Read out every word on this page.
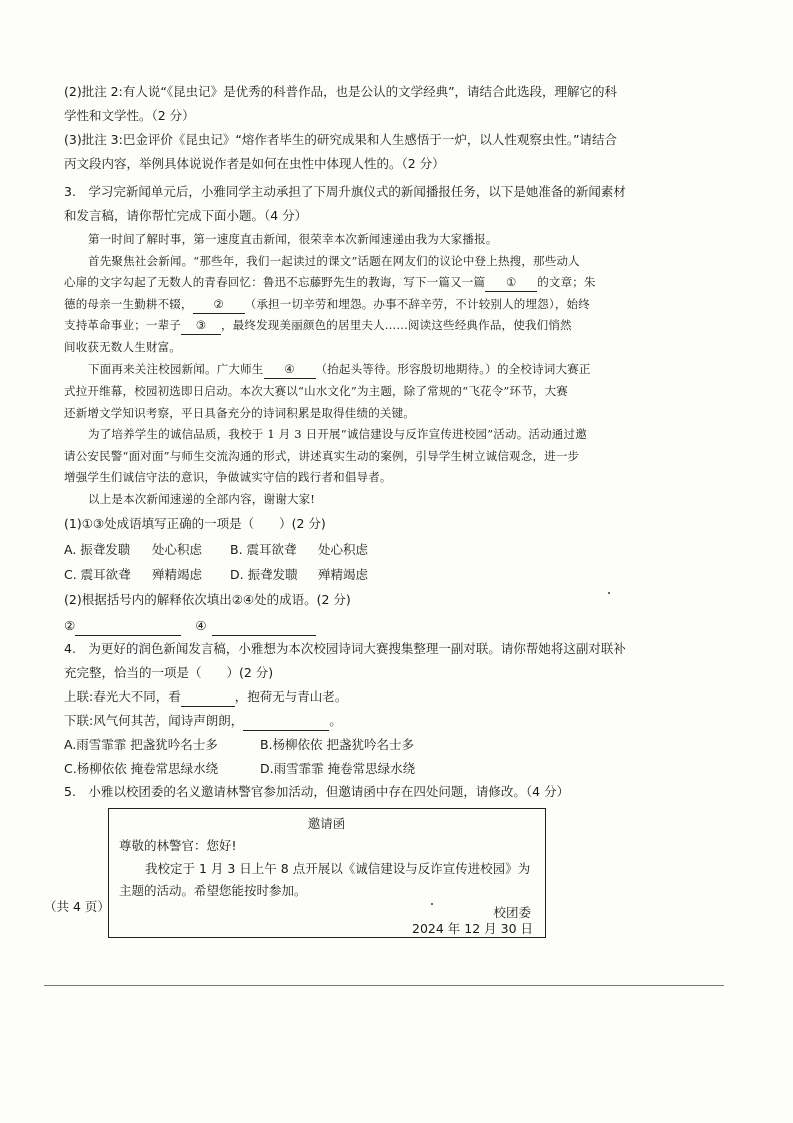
(2)批注 2:有人说“《昆虫记》是优秀的科普作品，也是公认的文学经典”，请结合此选段，理解它的科
学性和文学性。（2 分）
(3)批注 3:巴金评价《昆虫记》“熔作者毕生的研究成果和人生感悟于一炉，以人性观察虫性。”请结合
丙文段内容，举例具体说说作者是如何在虫性中体现人性的。（2 分）
3.　学习完新闻单元后，小雅同学主动承担了下周升旗仪式的新闻播报任务，以下是她准备的新闻素材
和发言稿，请你帮忙完成下面小题。（4 分）
第一时间了解时事，第一速度直击新闻，很荣幸本次新闻速递由我为大家播报。
首先聚焦社会新闻。“那些年，我们一起读过的课文”话题在网友们的议论中登上热搜，那些动人
心扉的文字勾起了无数人的青春回忆：鲁迅不忘藤野先生的教诲，写下一篇又一篇 ① 的文章；朱
德的母亲一生勤耕不辍， ② （承担一切辛劳和埋怨。办事不辞辛劳，不计较别人的埋怨），始终
支持革命事业；一辈子 ③ ，最终发现美丽颜色的居里夫人......阅读这些经典作品，使我们悄然
间收获无数人生财富。
下面再来关注校园新闻。广大师生 ④ （抬起头等待。形容殷切地期待。）的全校诗词大赛正
式拉开维幕，校园初选即日启动。本次大赛以“山水文化”为主题，除了常规的“飞花令”环节，大赛
还新增文学知识考察，平日具备充分的诗词积累是取得佳绩的关键。
为了培养学生的诚信品质，我校于 1 月 3 日开展“诚信建设与反诈宣传进校园”活动。活动通过邀
请公安民警“面对面”与师生交流沟通的形式，讲述真实生动的案例，引导学生树立诚信观念，进一步
增强学生们诚信守法的意识，争做诚实守信的践行者和倡导者。
以上是本次新闻速递的全部内容，谢谢大家!
(1)①③处成语填写正确的一项是（　　）(2 分)
A. 振聋发聩 处心积虑 B. 震耳欲聋 处心积虑
C. 震耳欲聋 殚精竭虑 D. 振聋发聩 殚精竭虑
(2)根据括号内的解释依次填出②④处的成语。(2 分)
②	④
4.　为更好的润色新闻发言稿，小雅想为本次校园诗词大赛搜集整理一副对联。请你帮她将这副对联补
充完整，恰当的一项是（　　）(2 分)
上联:春光大不同，看	，抱荷无与青山老。
下联:风气何其苦，闻诗声朗朗，	。
A.雨雪霏霏 把盏犹吟名士多	B.杨柳依依 把盏犹吟名士多
C.杨柳依依 掩卷常思绿水绕	D.雨雪霏霏 掩卷常思绿水绕
5.　小雅以校团委的名义邀请林警官参加活动，但邀请函中存在四处问题，请修改。（4 分）
邀请函
尊敬的林警官：您好!
我校定于 1 月 3 日上午 8 点开展以《诚信建设与反诈宣传进校园》为
主题的活动。希望您能按时参加。
校团委
2024 年 12 月 30 日
（共 4 页）
